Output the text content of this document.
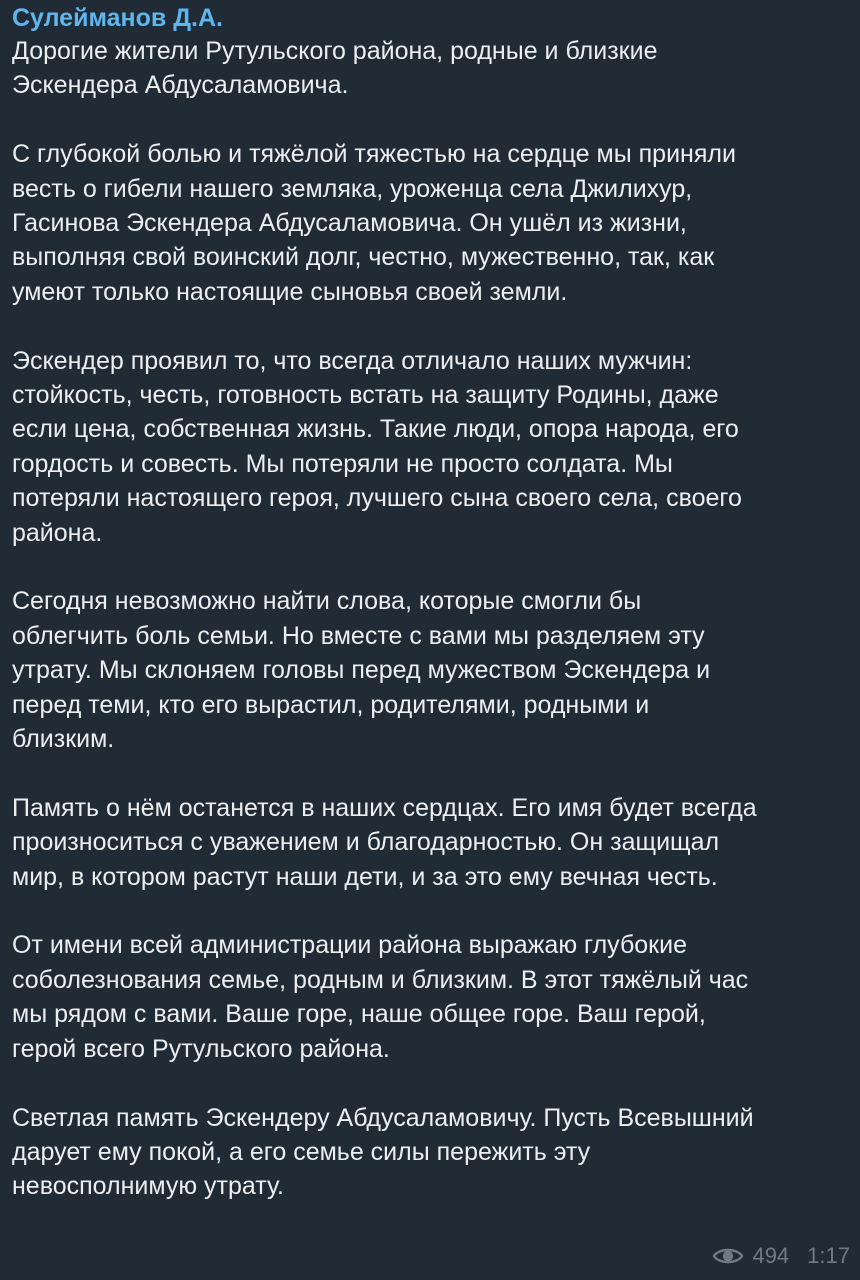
Сулейманов Д.А.

Дорогие жители Рутульского района, родные и близкие
Эскендера Абдусаламовича.

С глубокой болью и тяжёлой тяжестью на сердце мы приняли
весть о гибели нашего земляка, уроженца села Джилихур,
Гасинова Эскендера Абдусаламовича. Он ушёл из жизни,
выполняя свой воинский долг, честно, мужественно, так, как
умеют только настоящие сыновья своей земли.

Эскендер проявил то, что всегда отличало наших мужчин:
стойкость, честь, готовность встать на защиту Родины, даже
если цена, собственная жизнь. Такие люди, опора народа, его
гордость и совесть. Мы потеряли не просто солдата. Мы
потеряли настоящего героя, лучшего сына своего села, своего
района.

Сегодня невозможно найти слова, которые смогли бы
облегчить боль семьи. Но вместе с вами мы разделяем эту
утрату. Мы склоняем головы перед мужеством Эскендера и
перед теми, кто его вырастил, родителями, родными и
близким.

Память о нём останется в наших сердцах. Его имя будет всегда
произноситься с уважением и благодарностью. Он защищал
мир, в котором растут наши дети, и за это ему вечная честь.

От имени всей администрации района выражаю глубокие
соболезнования семье, родным и близким. В этот тяжёлый час
мы рядом с вами. Ваше горе, наше общее горе. Ваш герой,
герой всего Рутульского района.

Светлая память Эскендеру Абдусаламовичу. Пусть Всевышний
дарует ему покой, а его семье силы пережить эту
невосполнимую утрату.

494 1:17
